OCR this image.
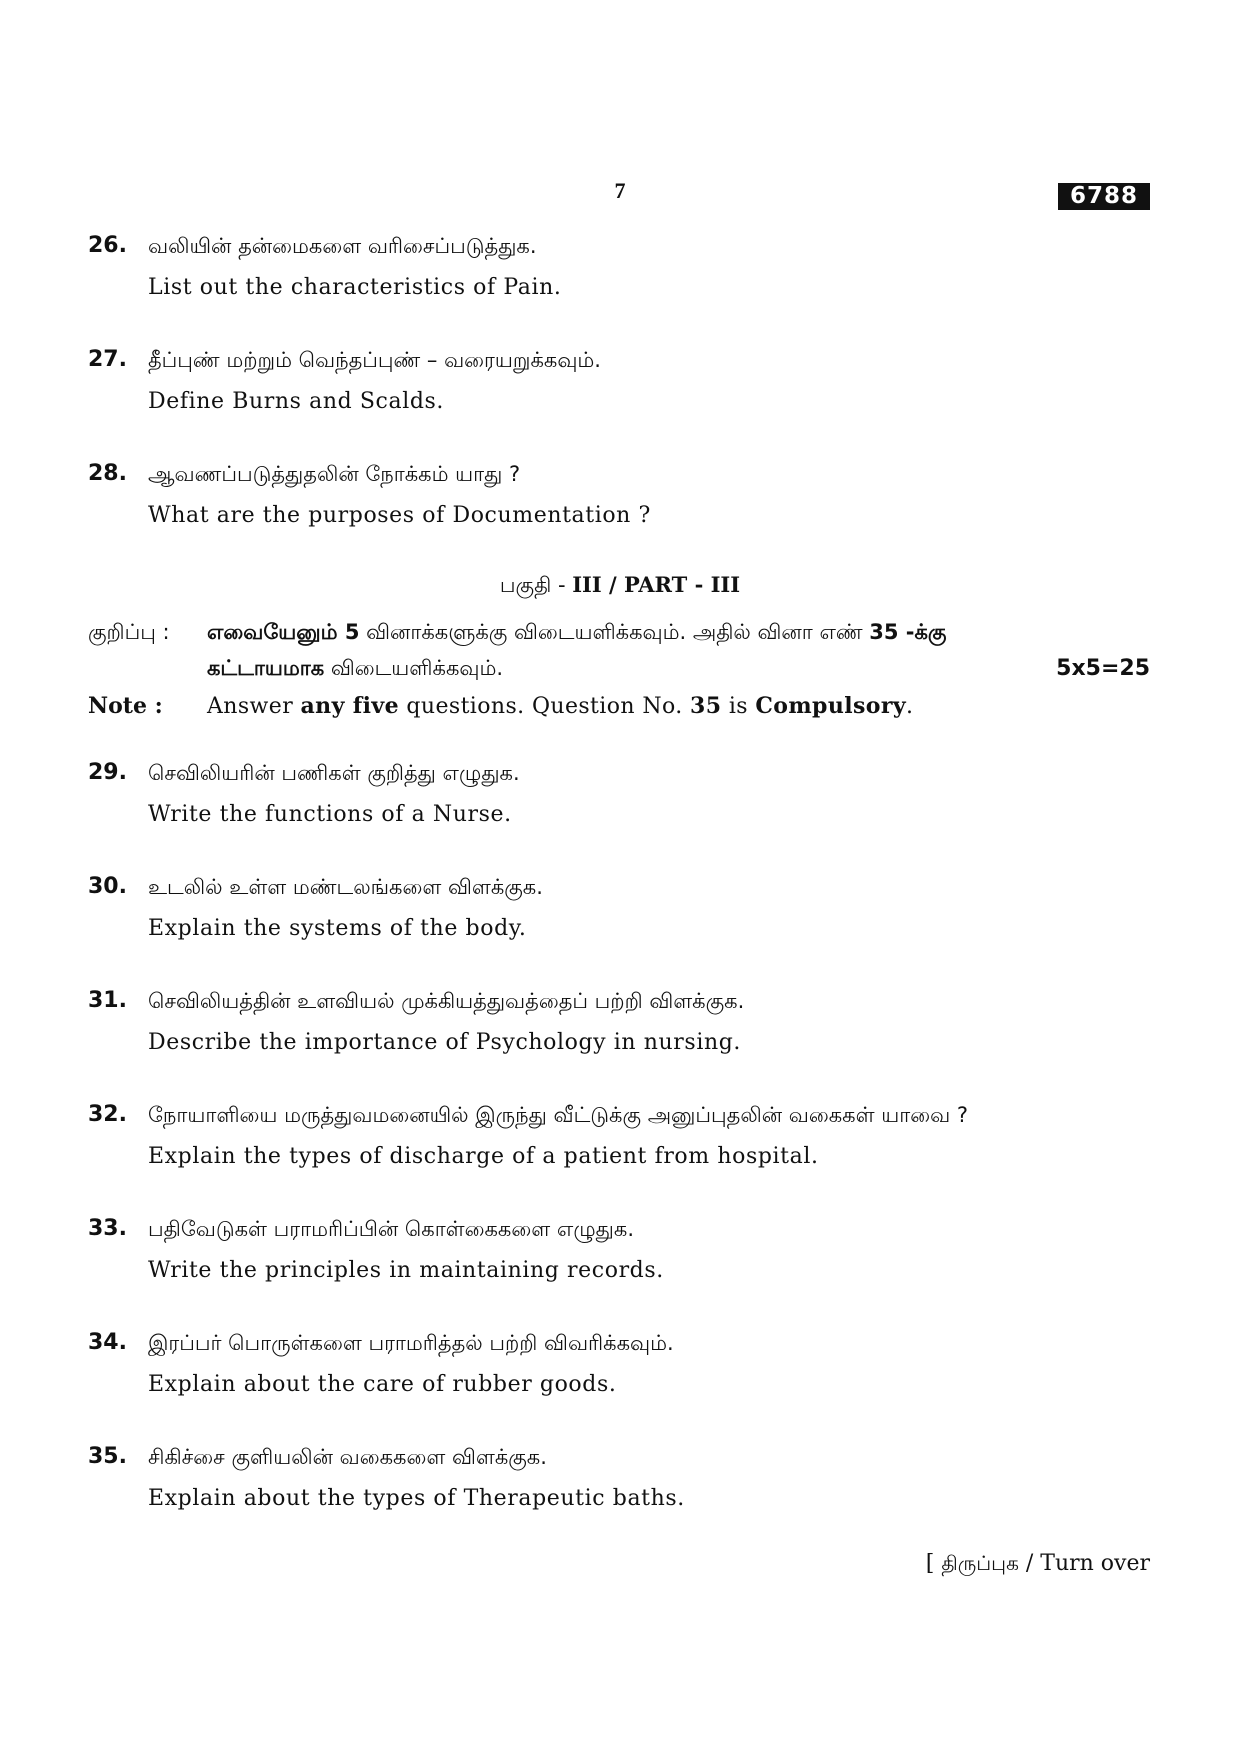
7	6788
26. வலியின் தன்மைகளை வரிசைப்படுத்துக.
List out the characteristics of Pain.
27. தீப்புண் மற்றும் வெந்தப்புண் – வரையறுக்கவும்.
Define Burns and Scalds.
28. ஆவணப்படுத்துதலின் நோக்கம் யாது ?
What are the purposes of Documentation ?
பகுதி - III / PART - III
குறிப்பு : எவையேனும் 5 வினாக்களுக்கு விடையளிக்கவும். அதில் வினா எண் 35 -க்கு
கட்டாயமாக விடையளிக்கவும்.	5x5=25
Note : Answer any five questions. Question No. 35 is Compulsory.
29. செவிலியரின் பணிகள் குறித்து எழுதுக.
Write the functions of a Nurse.
30. உடலில் உள்ள மண்டலங்களை விளக்குக.
Explain the systems of the body.
31. செவிலியத்தின் உளவியல் முக்கியத்துவத்தைப் பற்றி விளக்குக.
Describe the importance of Psychology in nursing.
32. நோயாளியை மருத்துவமனையில் இருந்து வீட்டுக்கு அனுப்புதலின் வகைகள் யாவை ?
Explain the types of discharge of a patient from hospital.
33. பதிவேடுகள் பராமரிப்பின் கொள்கைகளை எழுதுக.
Write the principles in maintaining records.
34. இரப்பர் பொருள்களை பராமரித்தல் பற்றி விவரிக்கவும்.
Explain about the care of rubber goods.
35. சிகிச்சை குளியலின் வகைகளை விளக்குக.
Explain about the types of Therapeutic baths.
[ திருப்புக / Turn over
